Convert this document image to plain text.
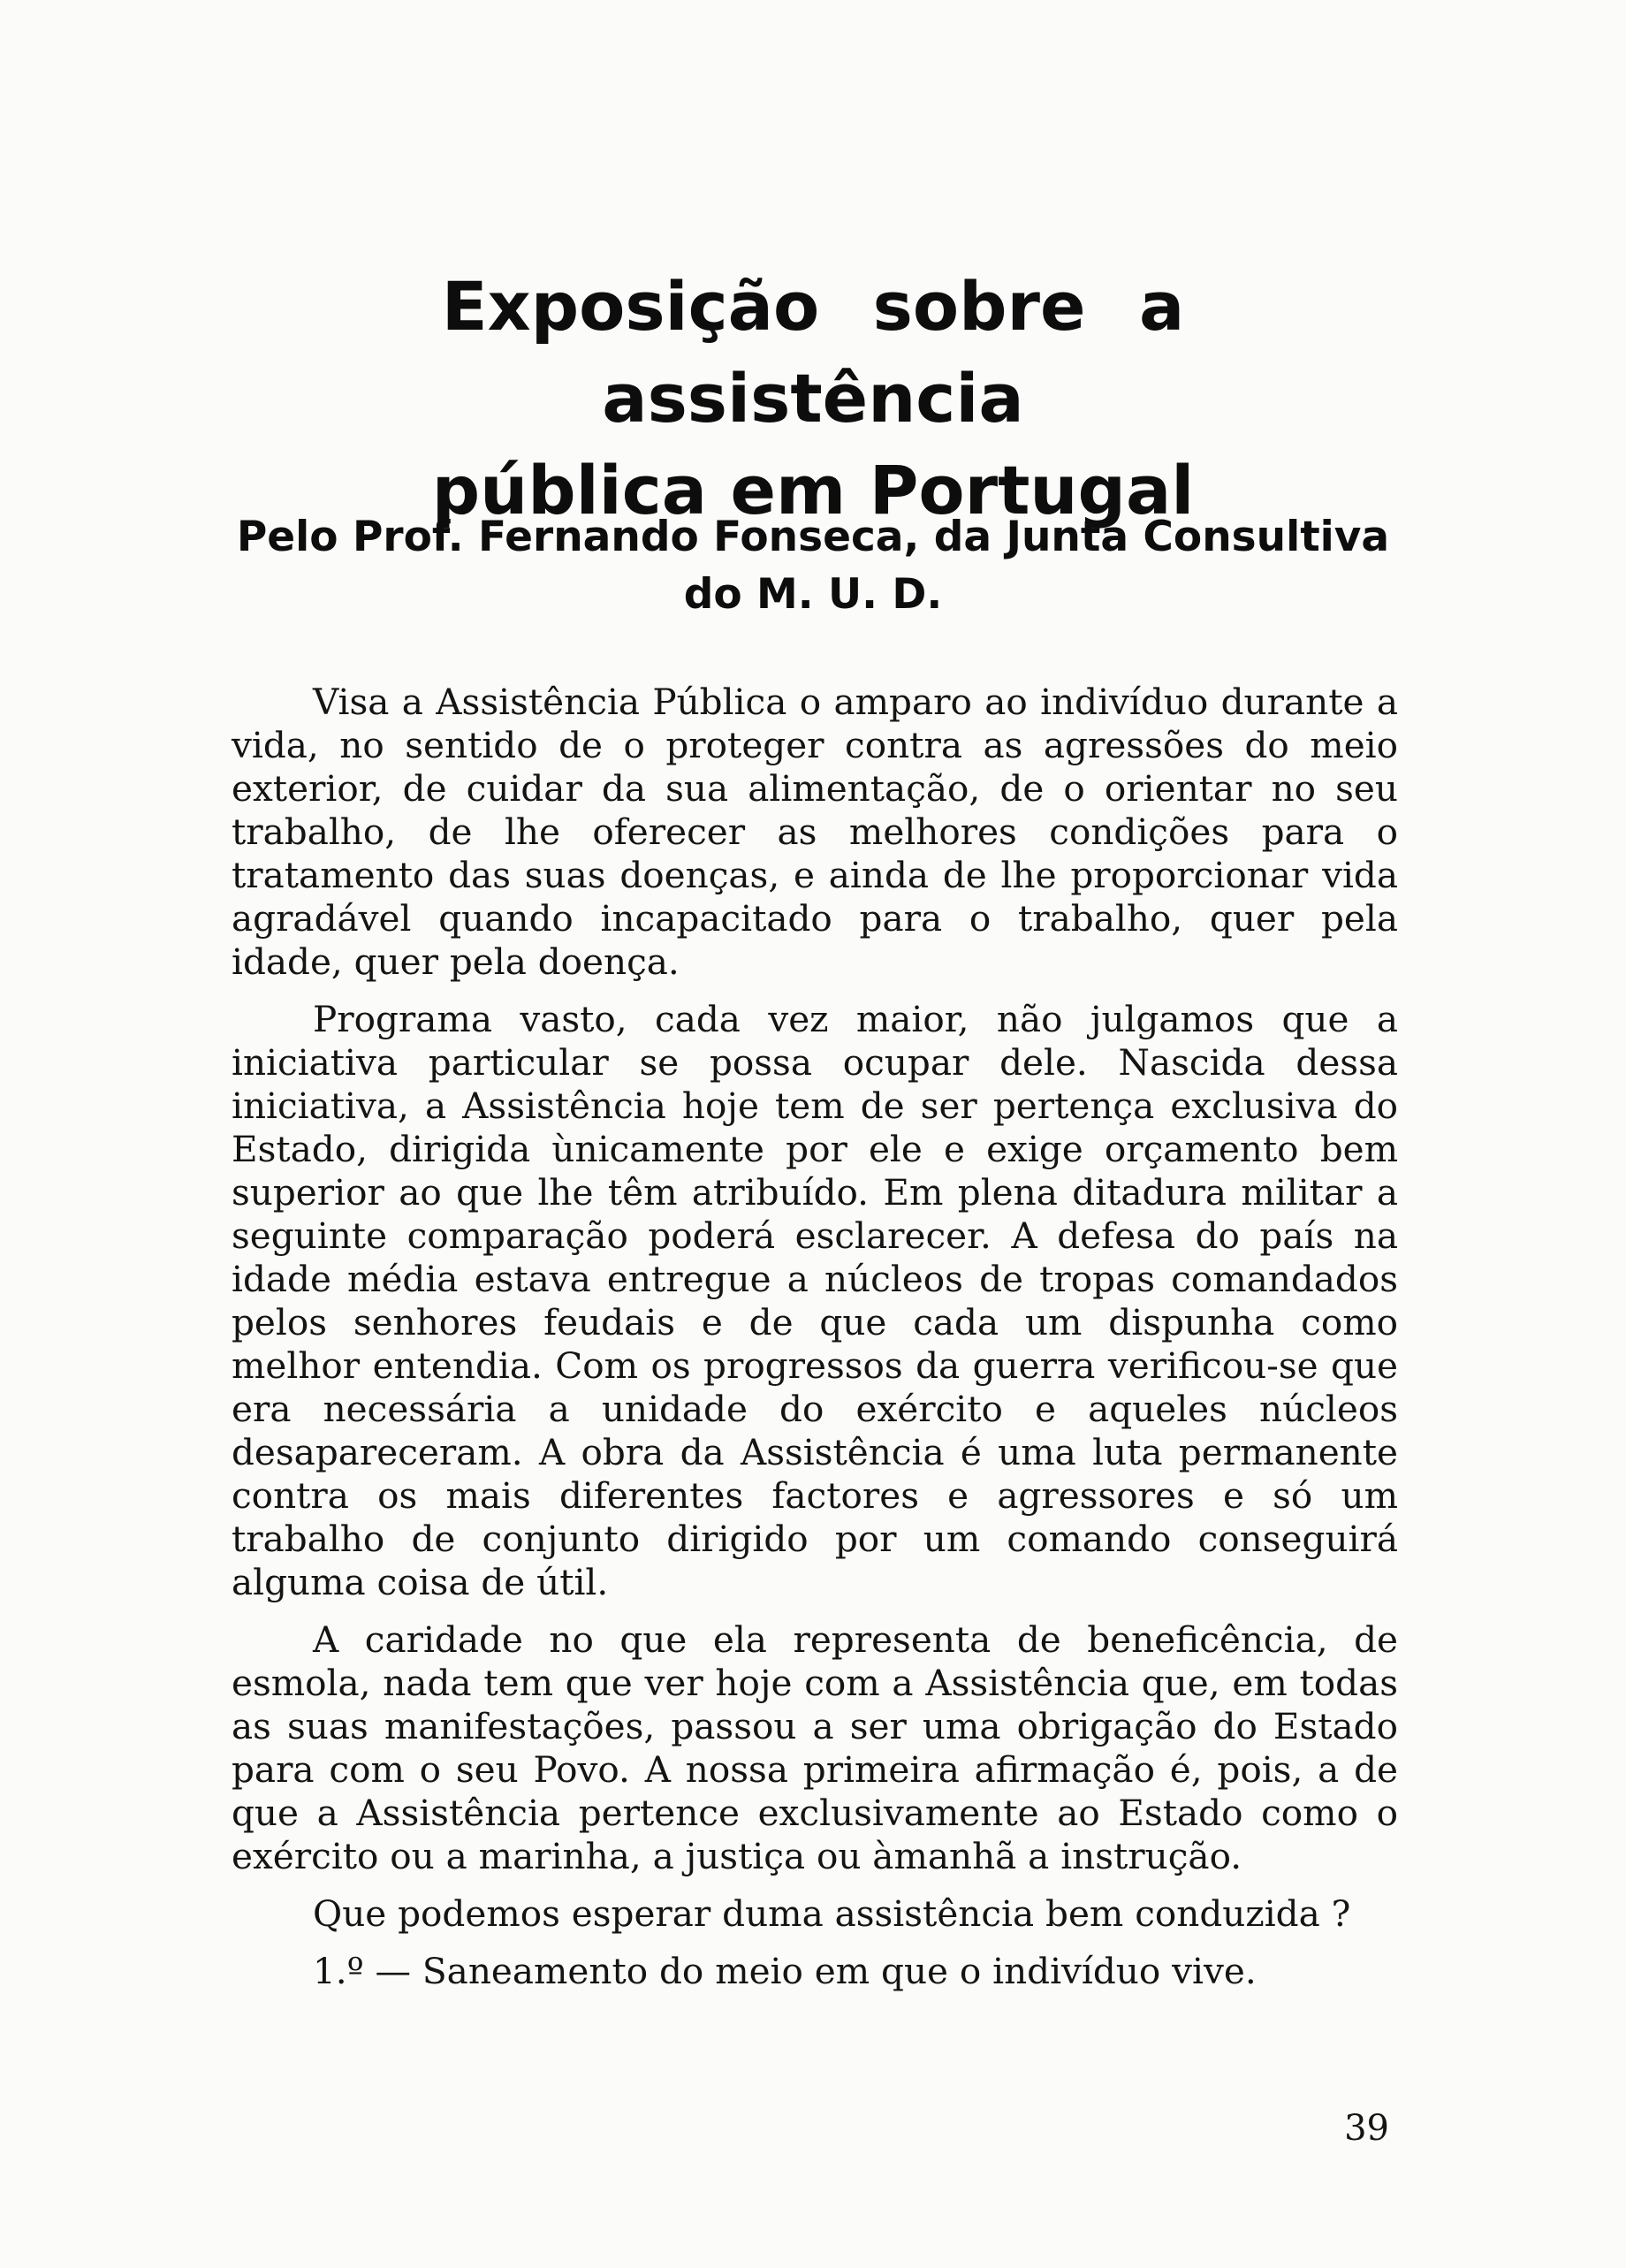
Exposição sobre a assistência
pública em Portugal
Pelo Prof. Fernando Fonseca, da Junta Consultiva
do M. U. D.

Visa a Assistência Pública o amparo ao indivíduo durante a vida, no sentido de o proteger contra as agressões do meio exterior, de cuidar da sua alimentação, de o orientar no seu trabalho, de lhe oferecer as melhores condições para o tratamento das suas doenças, e ainda de lhe proporcionar vida agradável quando incapacitado para o trabalho, quer pela idade, quer pela doença.

Programa vasto, cada vez maior, não julgamos que a iniciativa particular se possa ocupar dele. Nascida dessa iniciativa, a Assistência hoje tem de ser pertença exclusiva do Estado, dirigida ùnicamente por ele e exige orçamento bem superior ao que lhe têm atribuído. Em plena ditadura militar a seguinte comparação poderá esclarecer. A defesa do país na idade média estava entregue a núcleos de tropas comandados pelos senhores feudais e de que cada um dispunha como melhor entendia. Com os progressos da guerra verificou-se que era necessária a unidade do exército e aqueles núcleos desapareceram. A obra da Assistência é uma luta permanente contra os mais diferentes factores e agressores e só um trabalho de conjunto dirigido por um comando conseguirá alguma coisa de útil.

A caridade no que ela representa de beneficência, de esmola, nada tem que ver hoje com a Assistência que, em todas as suas manifestações, passou a ser uma obrigação do Estado para com o seu Povo. A nossa primeira afirmação é, pois, a de que a Assistência pertence exclusivamente ao Estado como o exército ou a marinha, a justiça ou àmanhã a instrução.

Que podemos esperar duma assistência bem conduzida ?

1.º — Saneamento do meio em que o indivíduo vive.

39
